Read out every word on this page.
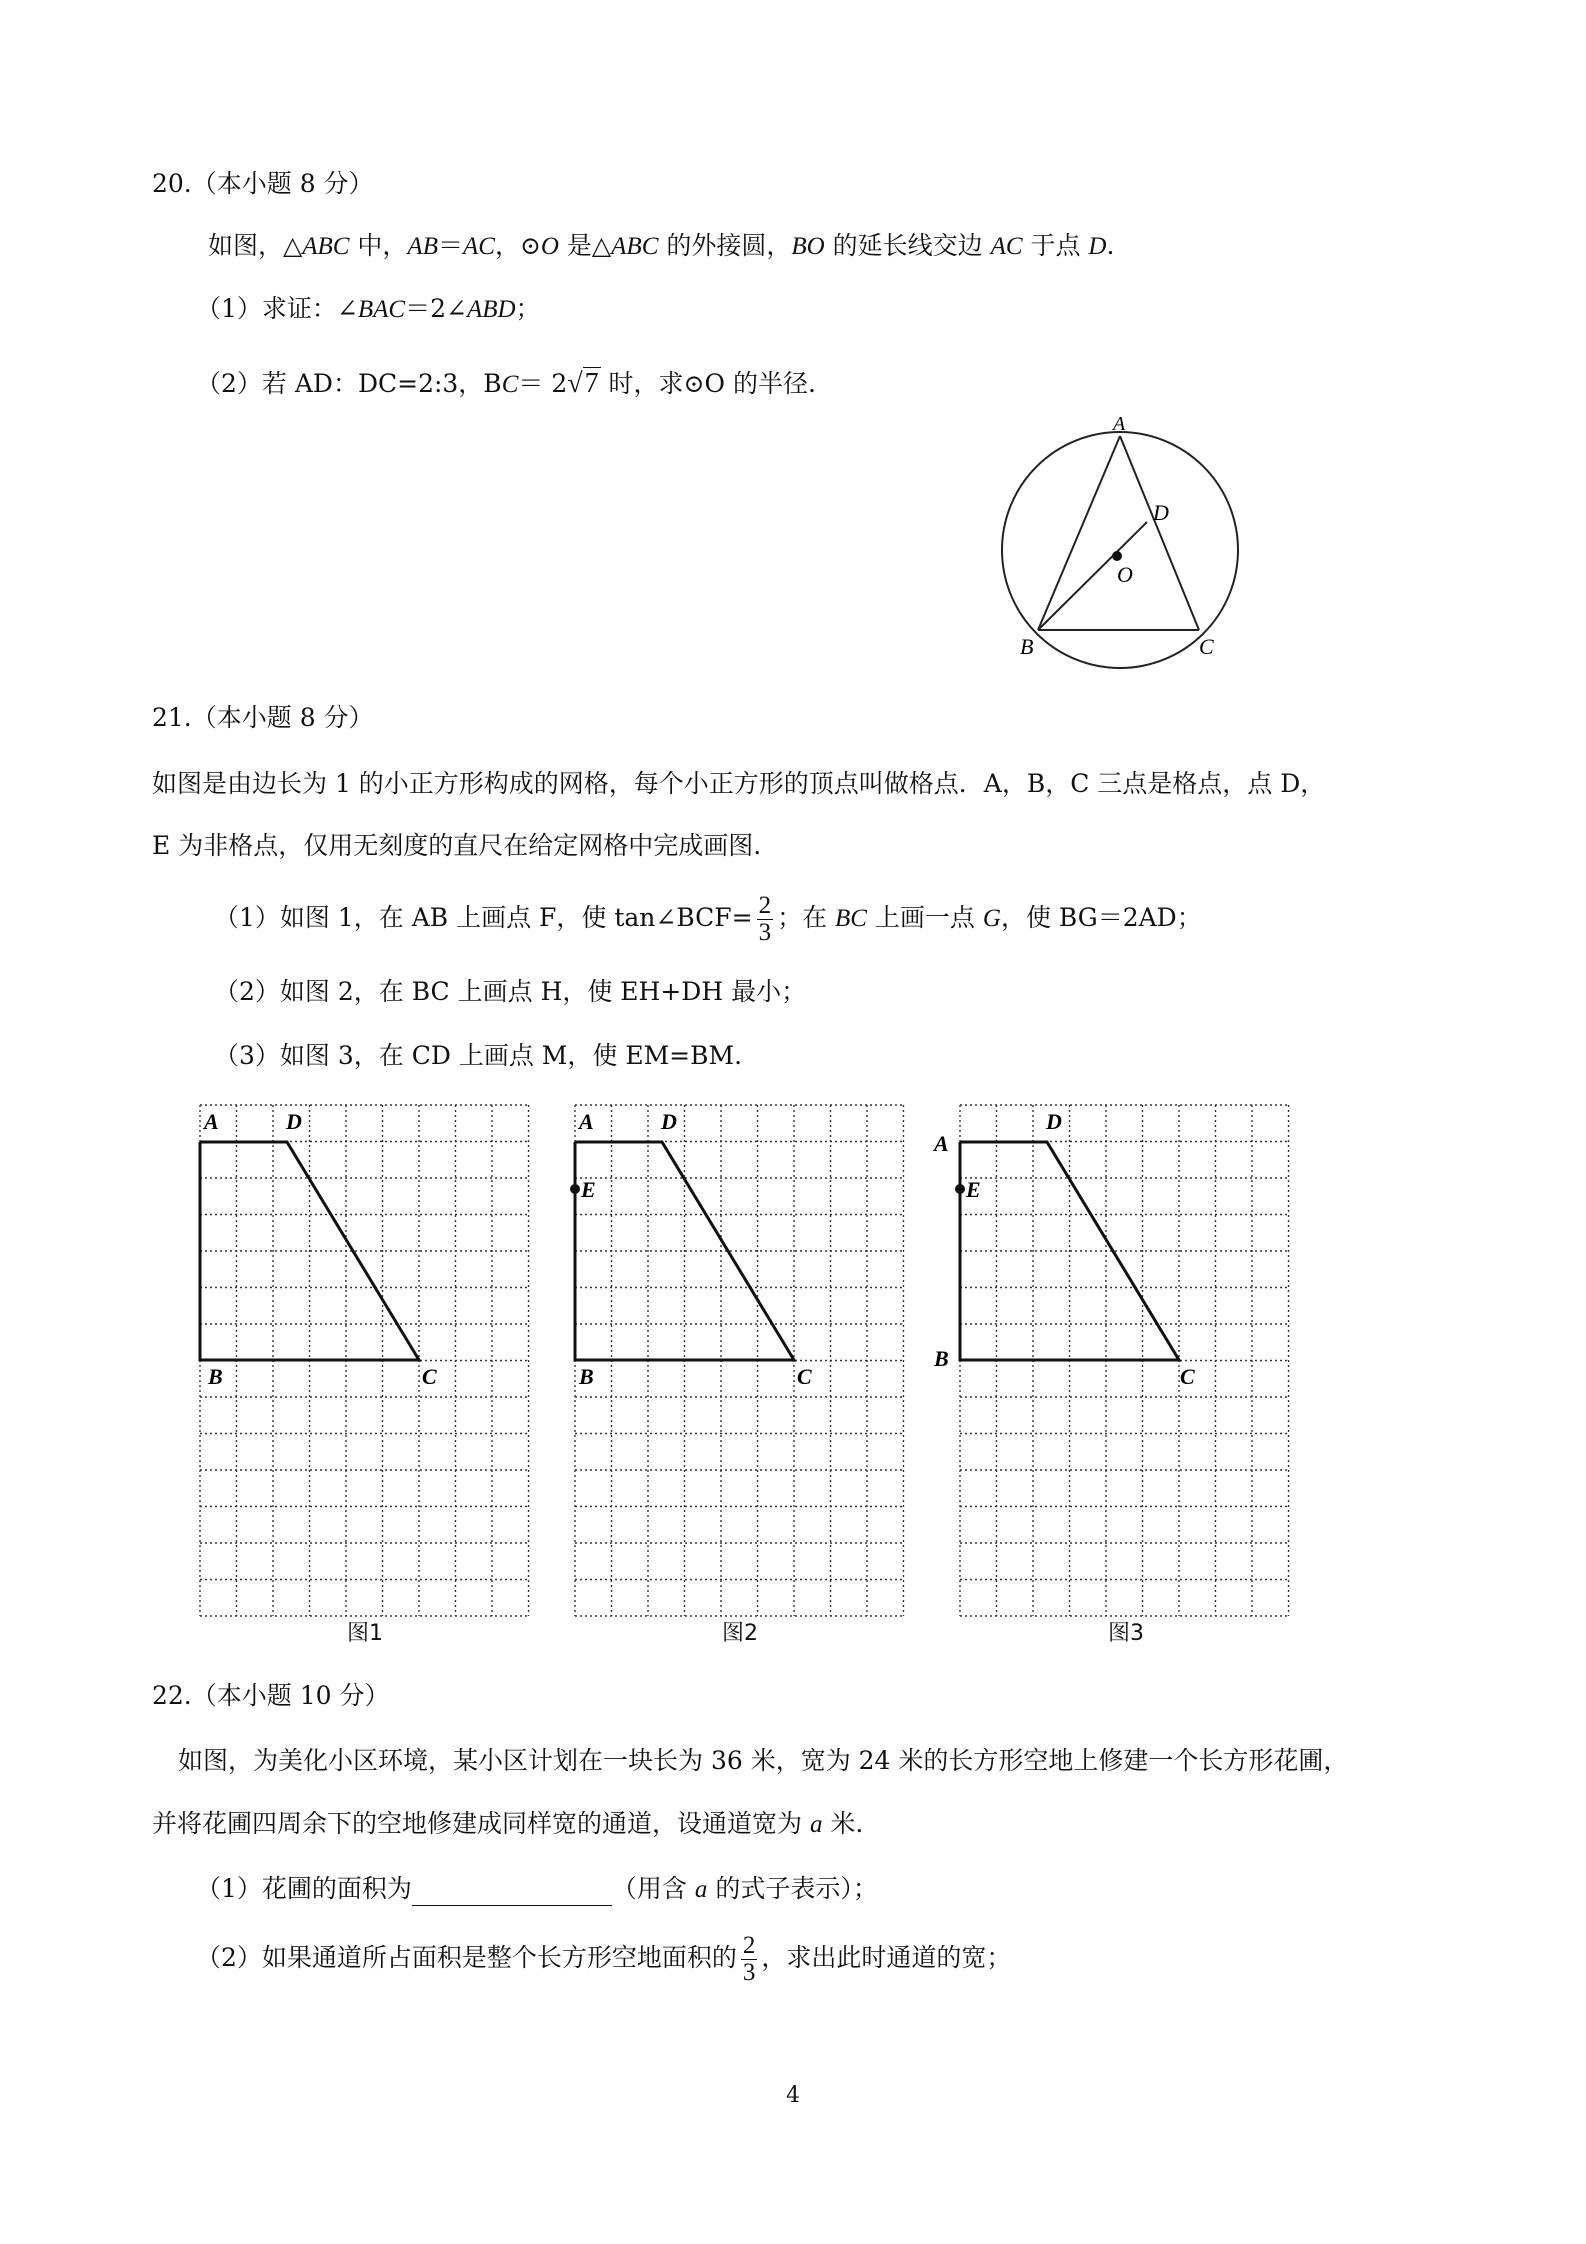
20.（本小题 8 分）
如图，△ABC 中，AB＝AC，⊙O 是△ABC 的外接圆，BO 的延长线交边 AC 于点 D.
（1）求证：∠BAC＝2∠ABD；
（2）若 AD：DC=2:3，BC＝ 2√7 时，求⊙O 的半径.
A
D
O
B	C
21.（本小题 8 分）
如图是由边长为 1 的小正方形构成的网格，每个小正方形的顶点叫做格点．A，B，C 三点是格点，点 D，
E 为非格点，仅用无刻度的直尺在给定网格中完成画图.
（1）如图 1，在 AB 上画点 F，使 tan∠BCF= $\frac{2}{3}$ ；在 BC 上画一点 G，使 BG＝2AD；
（2）如图 2，在 BC 上画点 H，使 EH+DH 最小；
（3）如图 3，在 CD 上画点 M，使 EM=BM.
A	D
B	C
图1
A	D
E
B	C
图2
A
D
E
B
C
图3
22.（本小题 10 分）
如图，为美化小区环境，某小区计划在一块长为 36 米，宽为 24 米的长方形空地上修建一个长方形花圃，
并将花圃四周余下的空地修建成同样宽的通道，设通道宽为 a 米.
（1）花圃的面积为	（用含 a 的式子表示）；
（2）如果通道所占面积是整个长方形空地面积的 $\frac{2}{3}$ ，求出此时通道的宽；
4
